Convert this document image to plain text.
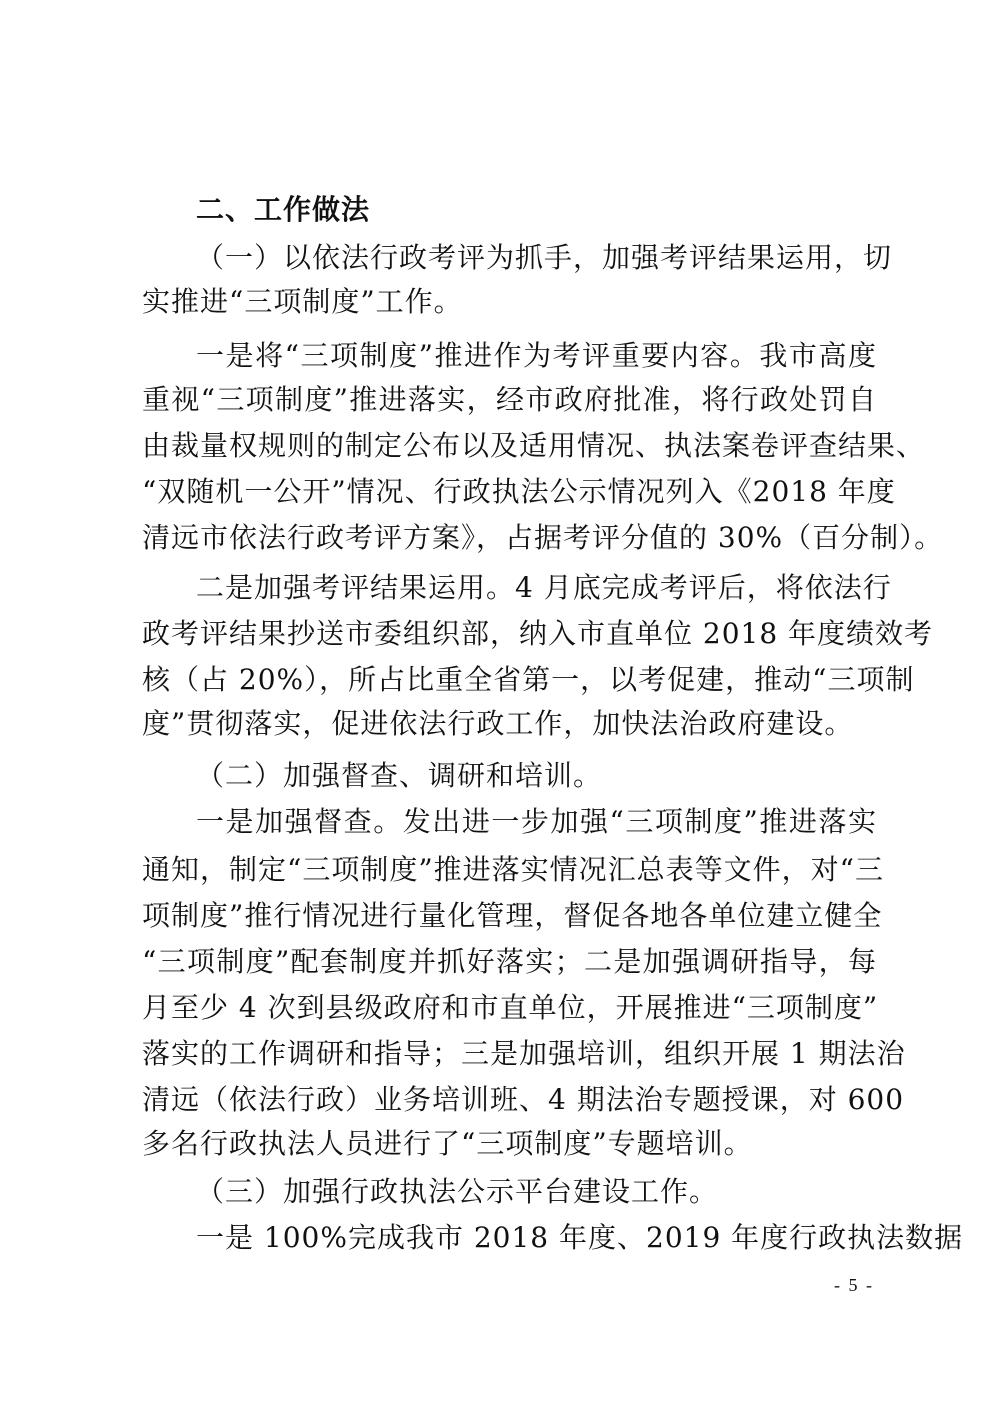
二、工作做法
（一）以依法行政考评为抓手，加强考评结果运用，切
实推进“三项制度”工作。
一是将“三项制度”推进作为考评重要内容。我市高度
重视“三项制度”推进落实，经市政府批准，将行政处罚自
由裁量权规则的制定公布以及适用情况、执法案卷评查结果、
“双随机一公开”情况、行政执法公示情况列入《2018 年度
清远市依法行政考评方案》，占据考评分值的 30%（百分制）。
二是加强考评结果运用。4 月底完成考评后，将依法行
政考评结果抄送市委组织部，纳入市直单位 2018 年度绩效考
核（占 20%），所占比重全省第一，以考促建，推动“三项制
度”贯彻落实，促进依法行政工作，加快法治政府建设。
（二）加强督查、调研和培训。
一是加强督查。发出进一步加强“三项制度”推进落实
通知，制定“三项制度”推进落实情况汇总表等文件，对“三
项制度”推行情况进行量化管理，督促各地各单位建立健全
“三项制度”配套制度并抓好落实；二是加强调研指导，每
月至少 4 次到县级政府和市直单位，开展推进“三项制度”
落实的工作调研和指导；三是加强培训，组织开展 1 期法治
清远（依法行政）业务培训班、4 期法治专题授课，对 600
多名行政执法人员进行了“三项制度”专题培训。
（三）加强行政执法公示平台建设工作。
一是 100%完成我市 2018 年度、2019 年度行政执法数据
- 5 -
